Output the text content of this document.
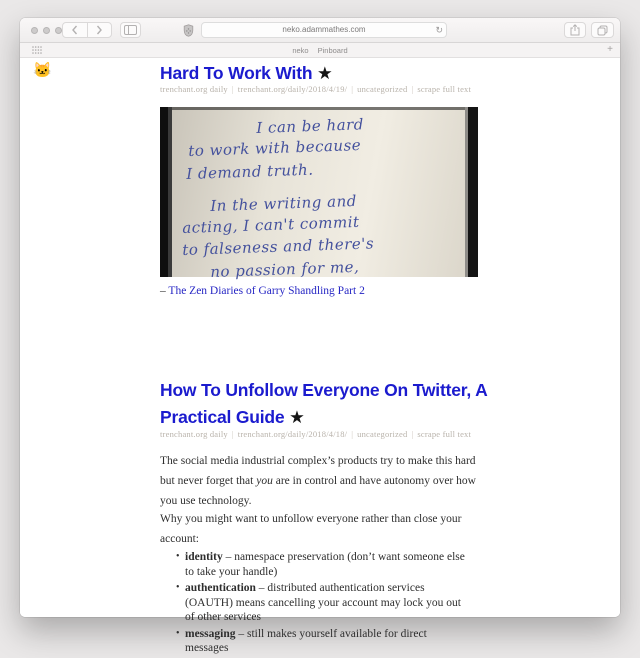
neko.adammathes.com	↻
neko Pinboard	+
🐱	Hard To Work With ★
trenchant.org daily | trenchant.org/daily/2018/4/19/ | uncategorized | scrape full text
I can be hard
to work with because
I demand truth.
In the writing and
acting, I can't commit
to falseness and there's
no passion for me,
– The Zen Diaries of Garry Shandling Part 2
How To Unfollow Everyone On Twitter, A Practical Guide ★
trenchant.org daily | trenchant.org/daily/2018/4/18/ | uncategorized | scrape full text

The social media industrial complex’s products try to make this hard but never forget that you are in control and have autonomy over how you use technology.

Why you might want to unfollow everyone rather than close your account:

• identity – namespace preservation (don’t want someone else to take your handle)
• authentication – distributed authentication services (OAUTH) means cancelling your account may lock you out of other services
• messaging – still makes yourself available for direct messages
